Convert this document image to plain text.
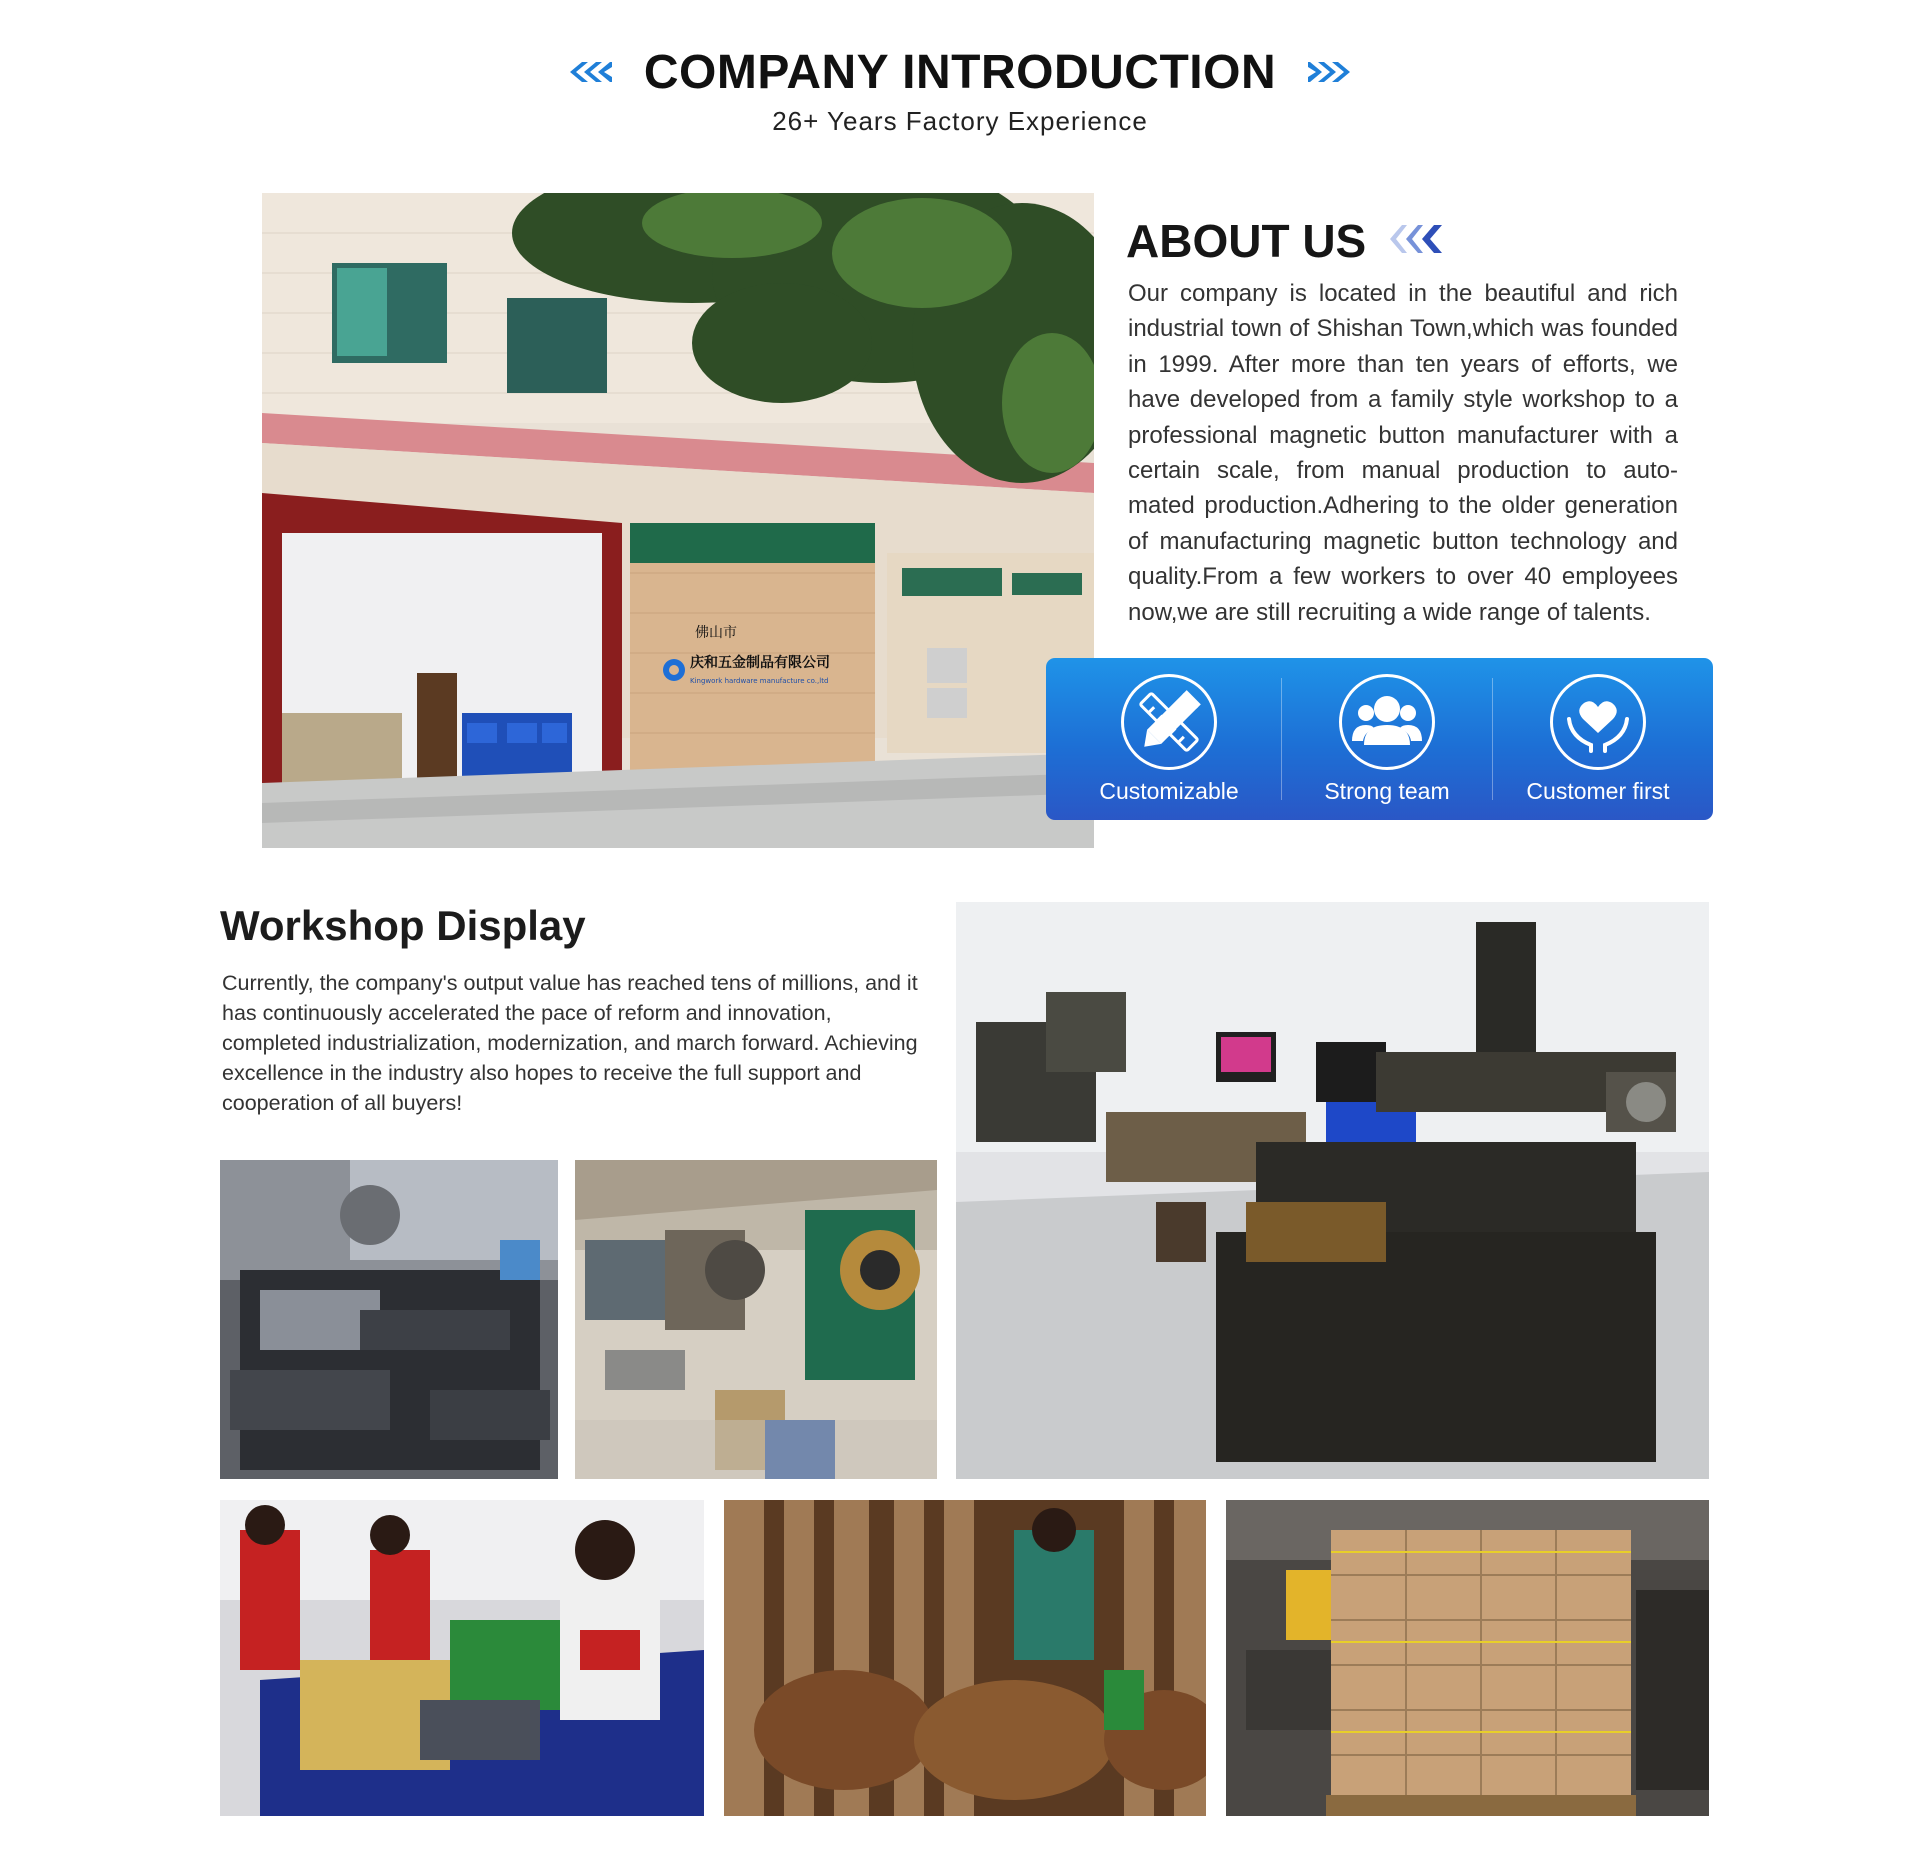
COMPANY INTRODUCTION
26+ Years Factory Experience
佛山市
庆和五金制品有限公司
Kingwork hardware manufacture co.,ltd
ABOUT US
Our company is located in the beautiful and rich industrial town of Shishan Town,which was founded in 1999. After more than ten years of efforts, we have developed from a family style workshop to a professional magnetic button manufacturer with a certain scale, from manual production to auto-mated production.Adhering to the older generation of manufacturing magnetic button technology and quality.From a few workers to over 40 employees now,we are still recruiting a wide range of talents.
Customizable	Strong team	Customer first
Workshop Display
Currently, the company's output value has reached tens of millions, and it has continuously accelerated the pace of reform and innovation, completed industrialization, modernization, and march forward. Achieving excellence in the industry also hopes to receive the full support and cooperation of all buyers!
